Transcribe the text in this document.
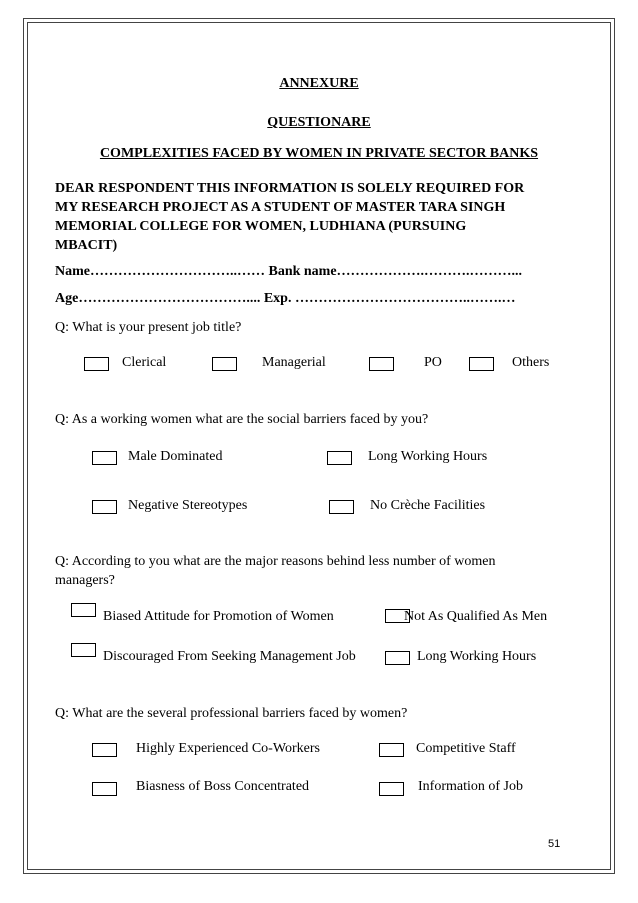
ANNEXURE
QUESTIONARE
COMPLEXITIES FACED BY WOMEN IN PRIVATE SECTOR BANKS
DEAR RESPONDENT THIS INFORMATION IS SOLELY REQUIRED FOR
MY RESEARCH PROJECT AS A STUDENT OF MASTER TARA SINGH
MEMORIAL COLLEGE FOR WOMEN, LUDHIANA (PURSUING
MBACIT)
Name…………………………..…… Bank name……………….……….………...
Age……………………………….... Exp. ………………………………..…….…
Q: What is your present job title?
Clerical	Managerial	PO	Others
Q: As a working women what are the social barriers faced by you?
Male Dominated	Long Working Hours
Negative Stereotypes	No Crèche Facilities
Q: According to you what are the major reasons behind less number of women
managers?
Biased Attitude for Promotion of Women	Not As Qualified As Men
Discouraged From Seeking Management Job	Long Working Hours
Q: What are the several professional barriers faced by women?
Highly Experienced Co-Workers	Competitive Staff
Biasness of Boss Concentrated	Information of Job
51
